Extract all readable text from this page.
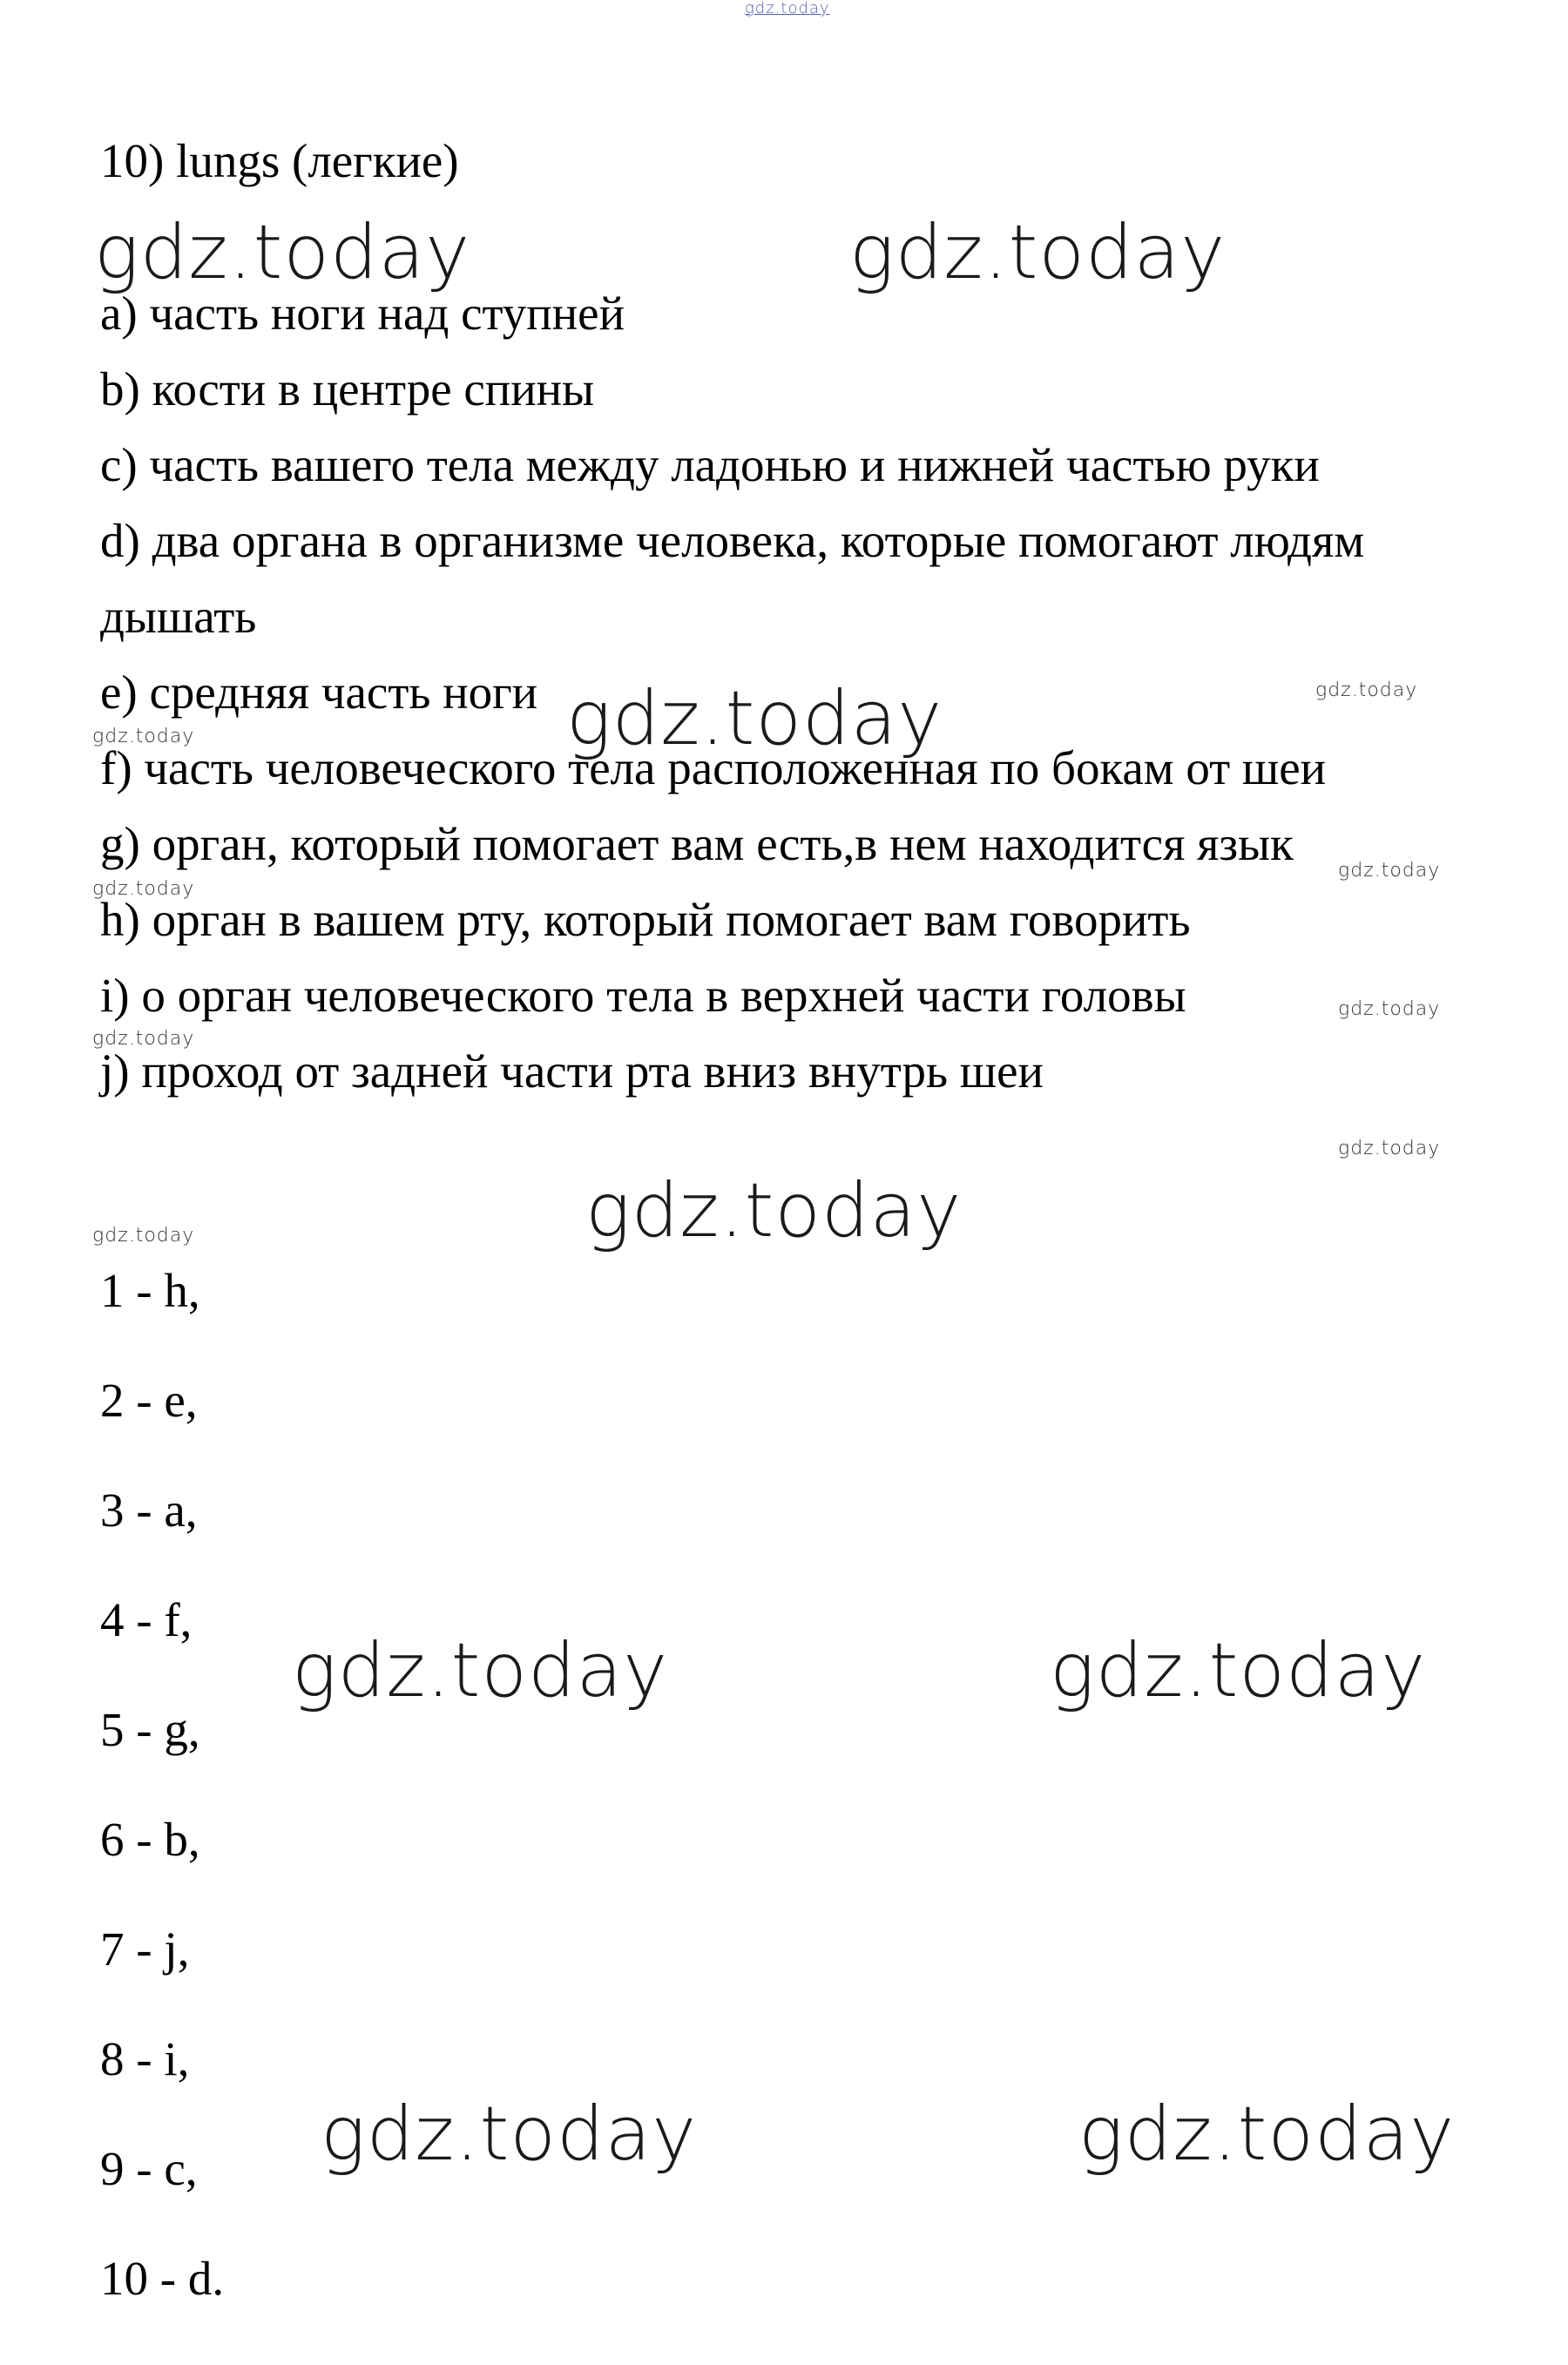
gdz.today

10) lungs (легкие)

gdz.today	gdz.today

a) часть ноги над ступней

b) кости в центре спины

c) часть вашего тела между ладонью и нижней частью руки

d) два органа в организме человека, которые помогают людям

дышать

e) средняя часть ноги

f) часть человеческого тела расположенная по бокам от шеи

g) орган, который помогает вам есть,в нем находится язык

h) орган в вашем рту, который помогает вам говорить

i) о орган человеческого тела в верхней части головы

j) проход от задней части рта вниз внутрь шеи

gdz.today	gdz.today
gdz.today
gdz.today
gdz.today
gdz.today
gdz.today
gdz.today
gdz.today
gdz.today

1 - h,

2 - e,

3 - a,

4 - f,

5 - g,

6 - b,

7 - j,

8 - i,

9 - c,

10 - d.

gdz.today	gdz.today
gdz.today	gdz.today
